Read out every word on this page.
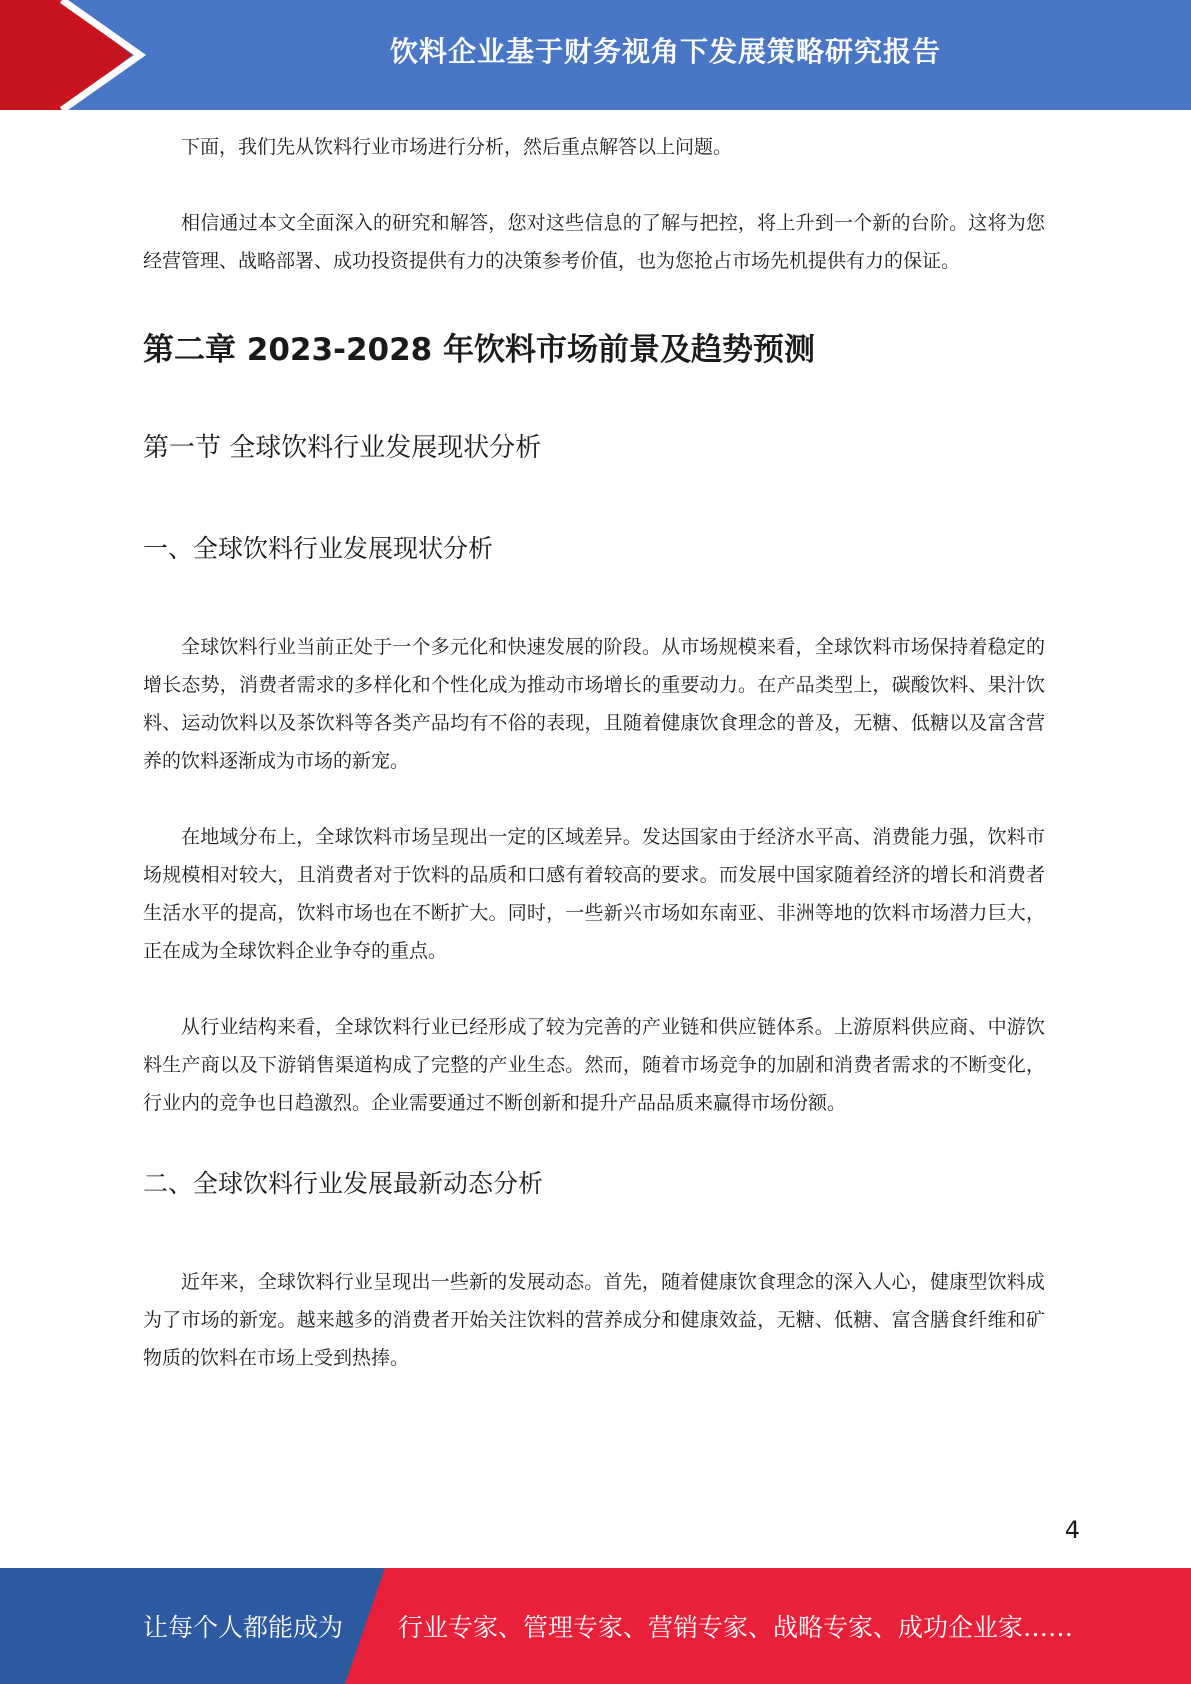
饮料企业基于财务视角下发展策略研究报告

下面，我们先从饮料行业市场进行分析，然后重点解答以上问题。

相信通过本文全面深入的研究和解答，您对这些信息的了解与把控，将上升到一个新的台阶。这将为您经营管理、战略部署、成功投资提供有力的决策参考价值，也为您抢占市场先机提供有力的保证。

第二章 2023-2028 年饮料市场前景及趋势预测
第一节 全球饮料行业发展现状分析
一、全球饮料行业发展现状分析

全球饮料行业当前正处于一个多元化和快速发展的阶段。从市场规模来看，全球饮料市场保持着稳定的增长态势，消费者需求的多样化和个性化成为推动市场增长的重要动力。在产品类型上，碳酸饮料、果汁饮料、运动饮料以及茶饮料等各类产品均有不俗的表现，且随着健康饮食理念的普及，无糖、低糖以及富含营养的饮料逐渐成为市场的新宠。

在地域分布上，全球饮料市场呈现出一定的区域差异。发达国家由于经济水平高、消费能力强，饮料市场规模相对较大，且消费者对于饮料的品质和口感有着较高的要求。而发展中国家随着经济的增长和消费者生活水平的提高，饮料市场也在不断扩大。同时，一些新兴市场如东南亚、非洲等地的饮料市场潜力巨大，正在成为全球饮料企业争夺的重点。

从行业结构来看，全球饮料行业已经形成了较为完善的产业链和供应链体系。上游原料供应商、中游饮料生产商以及下游销售渠道构成了完整的产业生态。然而，随着市场竞争的加剧和消费者需求的不断变化，行业内的竞争也日趋激烈。企业需要通过不断创新和提升产品品质来赢得市场份额。

二、全球饮料行业发展最新动态分析

近年来，全球饮料行业呈现出一些新的发展动态。首先，随着健康饮食理念的深入人心，健康型饮料成为了市场的新宠。越来越多的消费者开始关注饮料的营养成分和健康效益，无糖、低糖、富含膳食纤维和矿物质的饮料在市场上受到热捧。

4
让每个人都能成为 行业专家、管理专家、营销专家、战略专家、成功企业家……
